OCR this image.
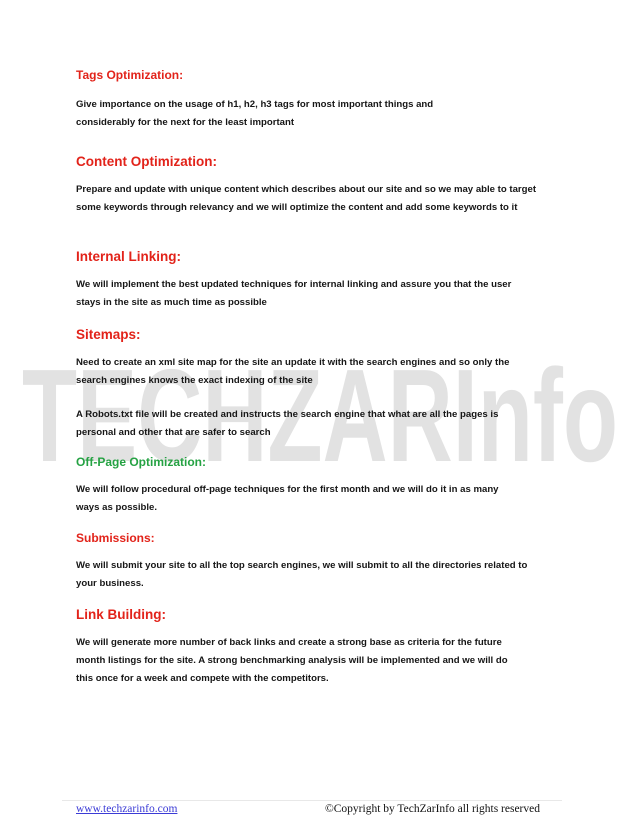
TECHZARInfo
Tags Optimization:

Give importance on the usage of h1, h2, h3 tags for most important things and considerably for the next for the least important

Content Optimization:

Prepare and update with unique content which describes about our site and so we may able to target some keywords through relevancy and we will optimize the content and add some keywords to it

Internal Linking:

We will implement the best updated techniques for internal linking and assure you that the user stays in the site as much time as possible

Sitemaps:

Need to create an xml site map for the site an update it with the search engines and so only the search engines knows the exact indexing of the site

A Robots.txt file will be created and instructs the search engine that what are all the pages is personal and other that are safer to search

Off-Page Optimization:

We will follow procedural off-page techniques for the first month and we will do it in as many ways as possible.

Submissions:

We will submit your site to all the top search engines, we will submit to all the directories related to your business.

Link Building:

We will generate more number of back links and create a strong base as criteria for the future month listings for the site. A strong benchmarking analysis will be implemented and we will do this once for a week and compete with the competitors.

www.techzarinfo.com	©Copyright by TechZarInfo all rights reserved
